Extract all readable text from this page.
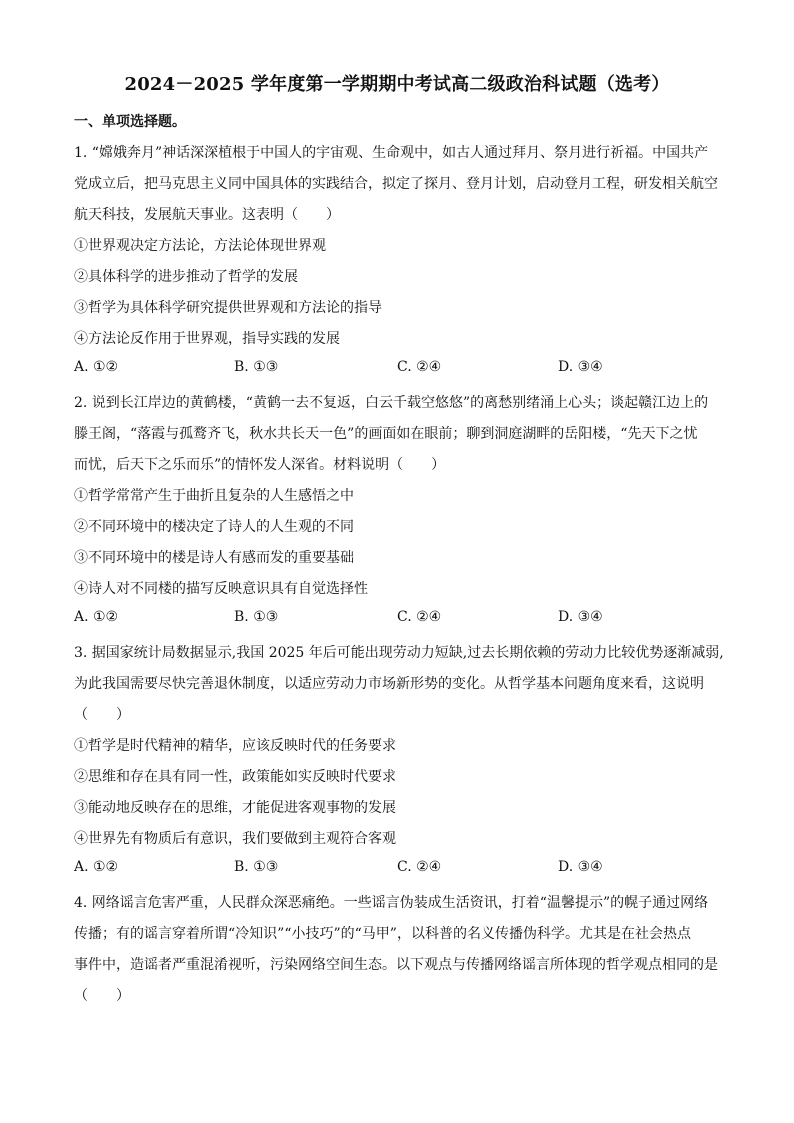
2024－2025 学年度第一学期期中考试高二级政治科试题（选考）
一、单项选择题。
1. “嫦娥奔月”神话深深植根于中国人的宇宙观、生命观中，如古人通过拜月、祭月进行祈福。中国共产
党成立后，把马克思主义同中国具体的实践结合，拟定了探月、登月计划，启动登月工程，研发相关航空
航天科技，发展航天事业。这表明（　　）
①世界观决定方法论，方法论体现世界观
②具体科学的进步推动了哲学的发展
③哲学为具体科学研究提供世界观和方法论的指导
④方法论反作用于世界观，指导实践的发展
A. ①②	B. ①③	C. ②④	D. ③④
2. 说到长江岸边的黄鹤楼，“黄鹤一去不复返，白云千载空悠悠”的离愁别绪涌上心头；谈起赣江边上的
滕王阁，“落霞与孤鹜齐飞，秋水共长天一色”的画面如在眼前；聊到洞庭湖畔的岳阳楼，“先天下之忧
而忧，后天下之乐而乐”的情怀发人深省。材料说明（　　）
①哲学常常产生于曲折且复杂的人生感悟之中
②不同环境中的楼决定了诗人的人生观的不同
③不同环境中的楼是诗人有感而发的重要基础
④诗人对不同楼的描写反映意识具有自觉选择性
A. ①②	B. ①③	C. ②④	D. ③④
3. 据国家统计局数据显示,我国 2025 年后可能出现劳动力短缺,过去长期依赖的劳动力比较优势逐渐减弱,
为此我国需要尽快完善退休制度，以适应劳动力市场新形势的变化。从哲学基本问题角度来看，这说明
（　　）
①哲学是时代精神的精华，应该反映时代的任务要求
②思维和存在具有同一性，政策能如实反映时代要求
③能动地反映存在的思维，才能促进客观事物的发展
④世界先有物质后有意识，我们要做到主观符合客观
A. ①②	B. ①③	C. ②④	D. ③④
4. 网络谣言危害严重，人民群众深恶痛绝。一些谣言伪装成生活资讯，打着“温馨提示”的幌子通过网络
传播；有的谣言穿着所谓“冷知识”“小技巧”的“马甲”，以科普的名义传播伪科学。尤其是在社会热点
事件中，造谣者严重混淆视听，污染网络空间生态。以下观点与传播网络谣言所体现的哲学观点相同的是
（　　）
